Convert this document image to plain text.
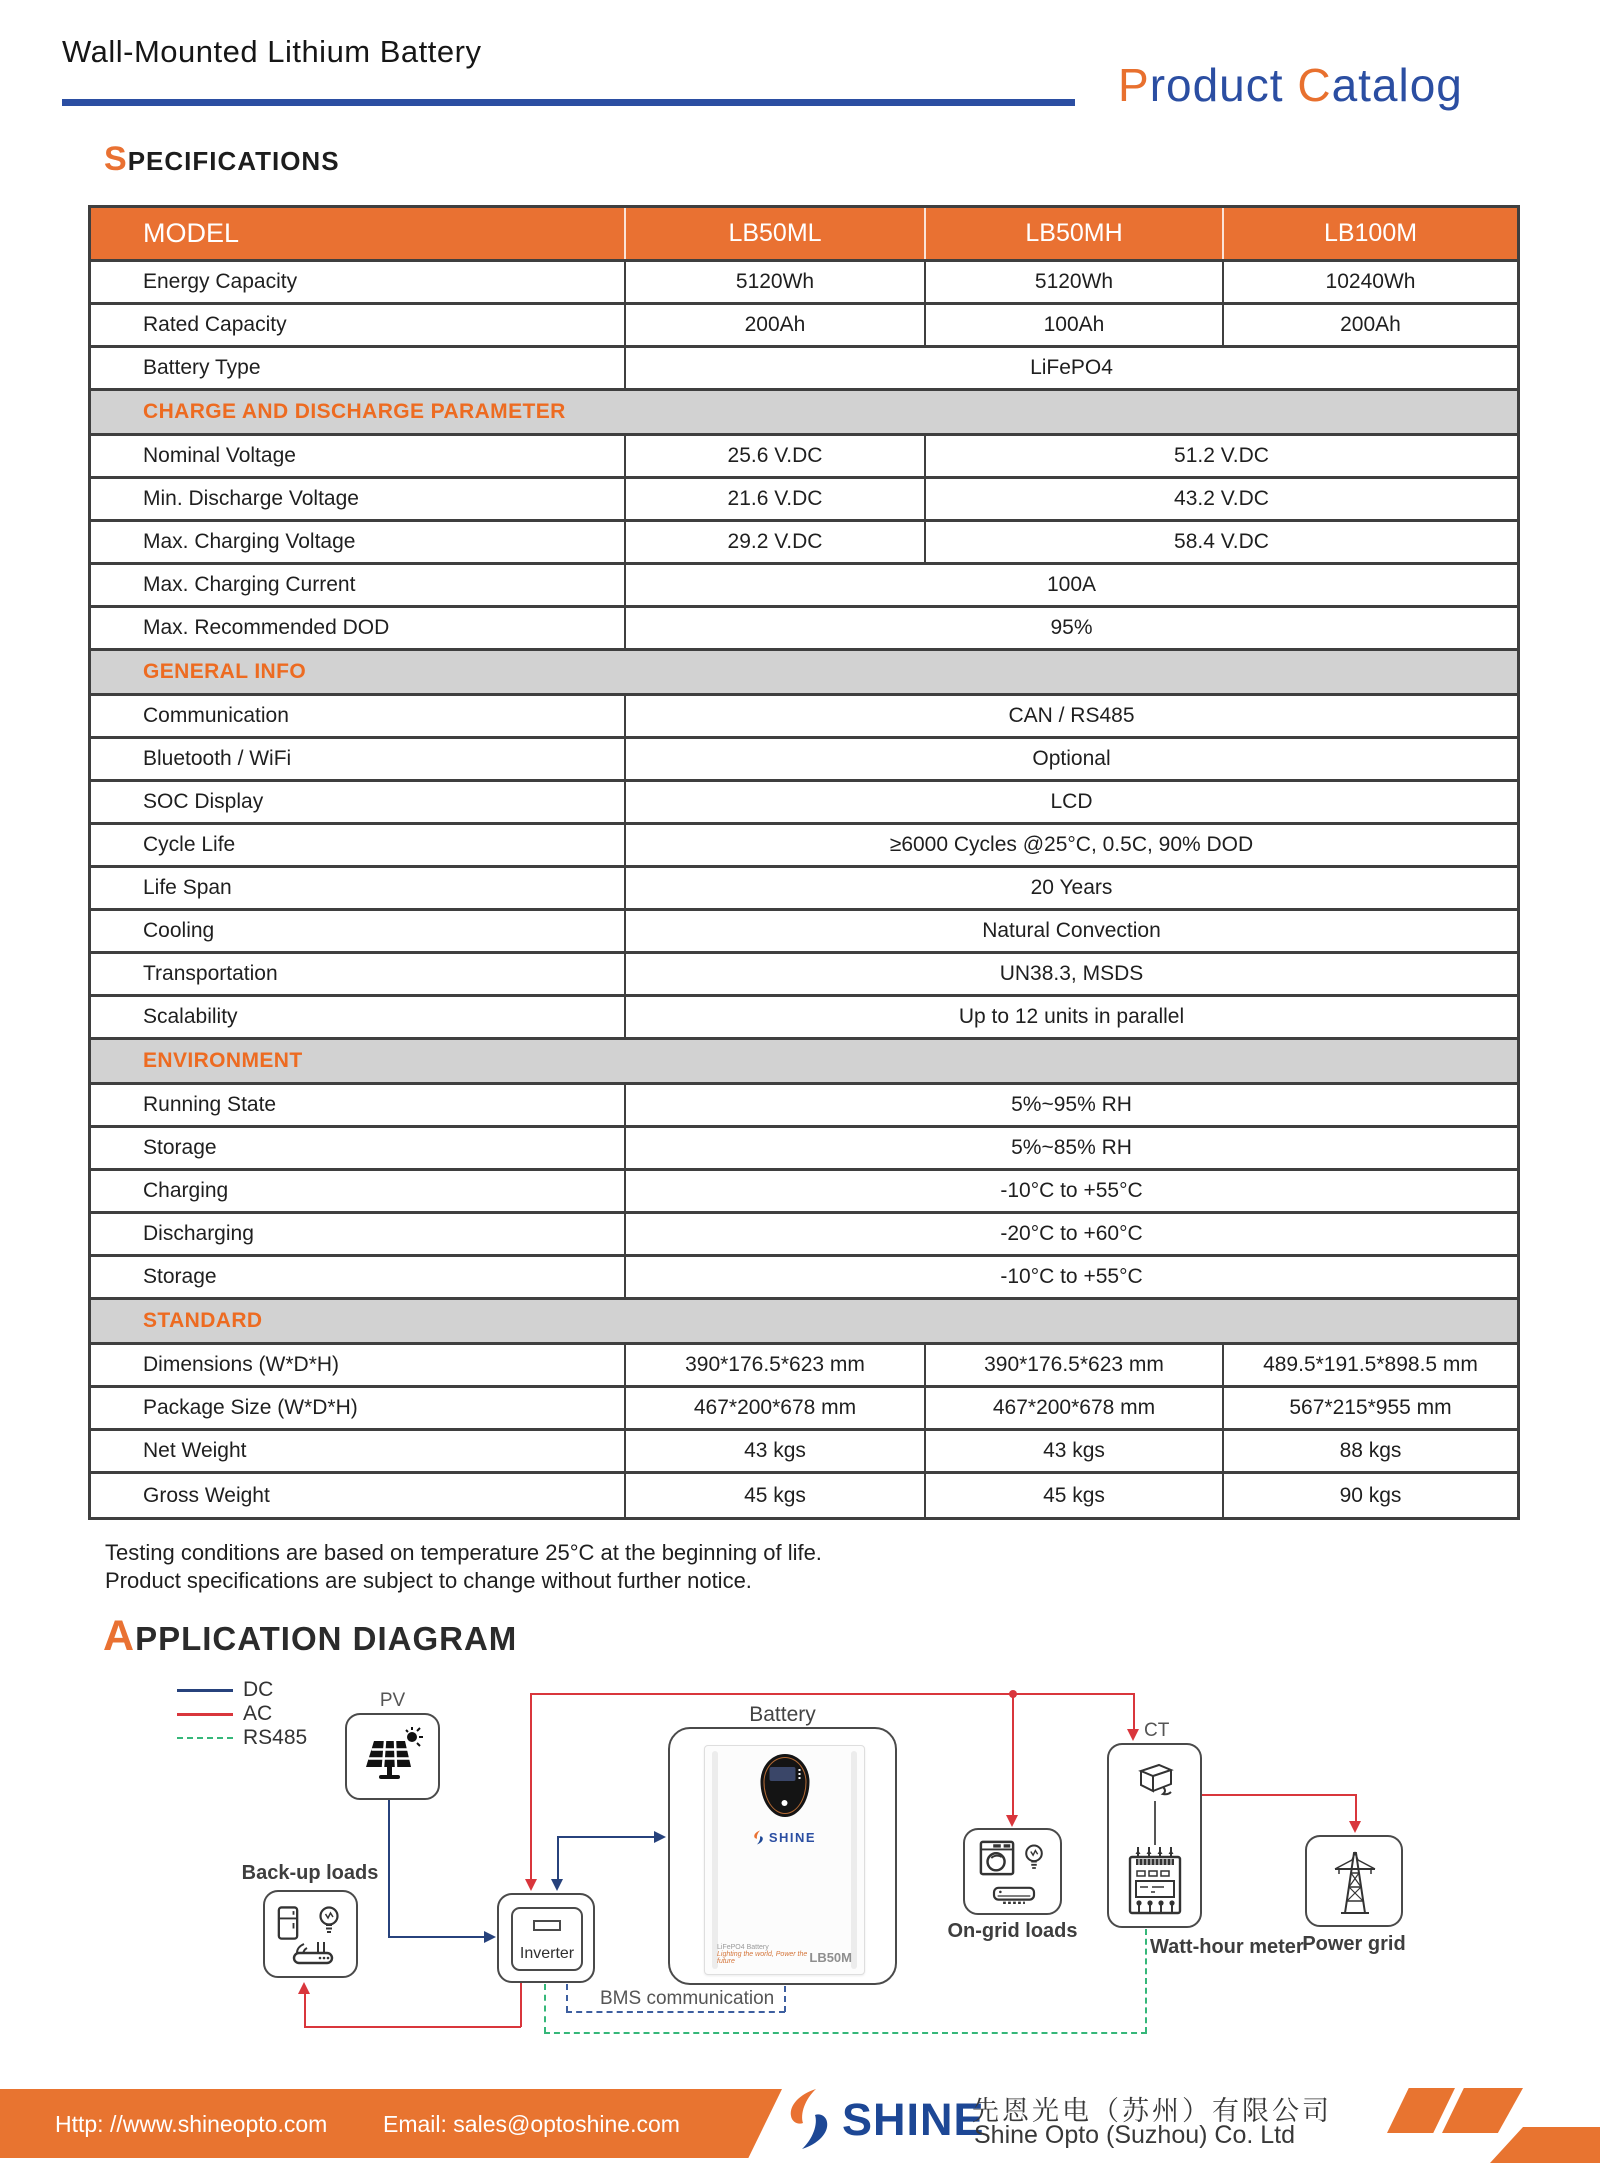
Wall-Mounted Lithium Battery
Product Catalog
SPECIFICATIONS
MODEL	LB50ML	LB50MH	LB100M
Energy Capacity	5120Wh	5120Wh	10240Wh
Rated Capacity	200Ah	100Ah	200Ah
Battery Type	LiFePO4
CHARGE AND DISCHARGE PARAMETER
Nominal Voltage	25.6 V.DC	51.2 V.DC
Min. Discharge Voltage	21.6 V.DC	43.2 V.DC
Max. Charging Voltage	29.2 V.DC	58.4 V.DC
Max. Charging Current	100A
Max. Recommended DOD	95%
GENERAL INFO
Communication	CAN / RS485
Bluetooth / WiFi	Optional
SOC Display	LCD
Cycle Life	≥6000 Cycles @25°C, 0.5C, 90% DOD
Life Span	20 Years
Cooling	Natural Convection
Transportation	UN38.3, MSDS
Scalability	Up to 12 units in parallel
ENVIRONMENT
Running State	5%~95% RH
Storage	5%~85% RH
Charging	-10°C to +55°C
Discharging	-20°C to +60°C
Storage	-10°C to +55°C
STANDARD
Dimensions (W*D*H)	390*176.5*623 mm	390*176.5*623 mm	489.5*191.5*898.5 mm
Package Size (W*D*H)	467*200*678 mm	467*200*678 mm	567*215*955 mm
Net Weight	43 kgs	43 kgs	88 kgs
Gross Weight	45 kgs	45 kgs	90 kgs
Testing conditions are based on temperature 25°C at the beginning of life.
Product specifications are subject to change without further notice.
APPLICATION DIAGRAM
DC
AC
RS485
PV
Back-up loads
Inverter
Battery
SHINE
LiFePO4 Battery
Lighting the world, Power the future	LB50M
BMS communication
On-grid loads
CT
Watt-hour meter
Power grid
Http: //www.shineopto.com Email: sales@optoshine.com	SHINE
先恩光电（苏州）有限公司
Shine Opto (Suzhou) Co. Ltd
